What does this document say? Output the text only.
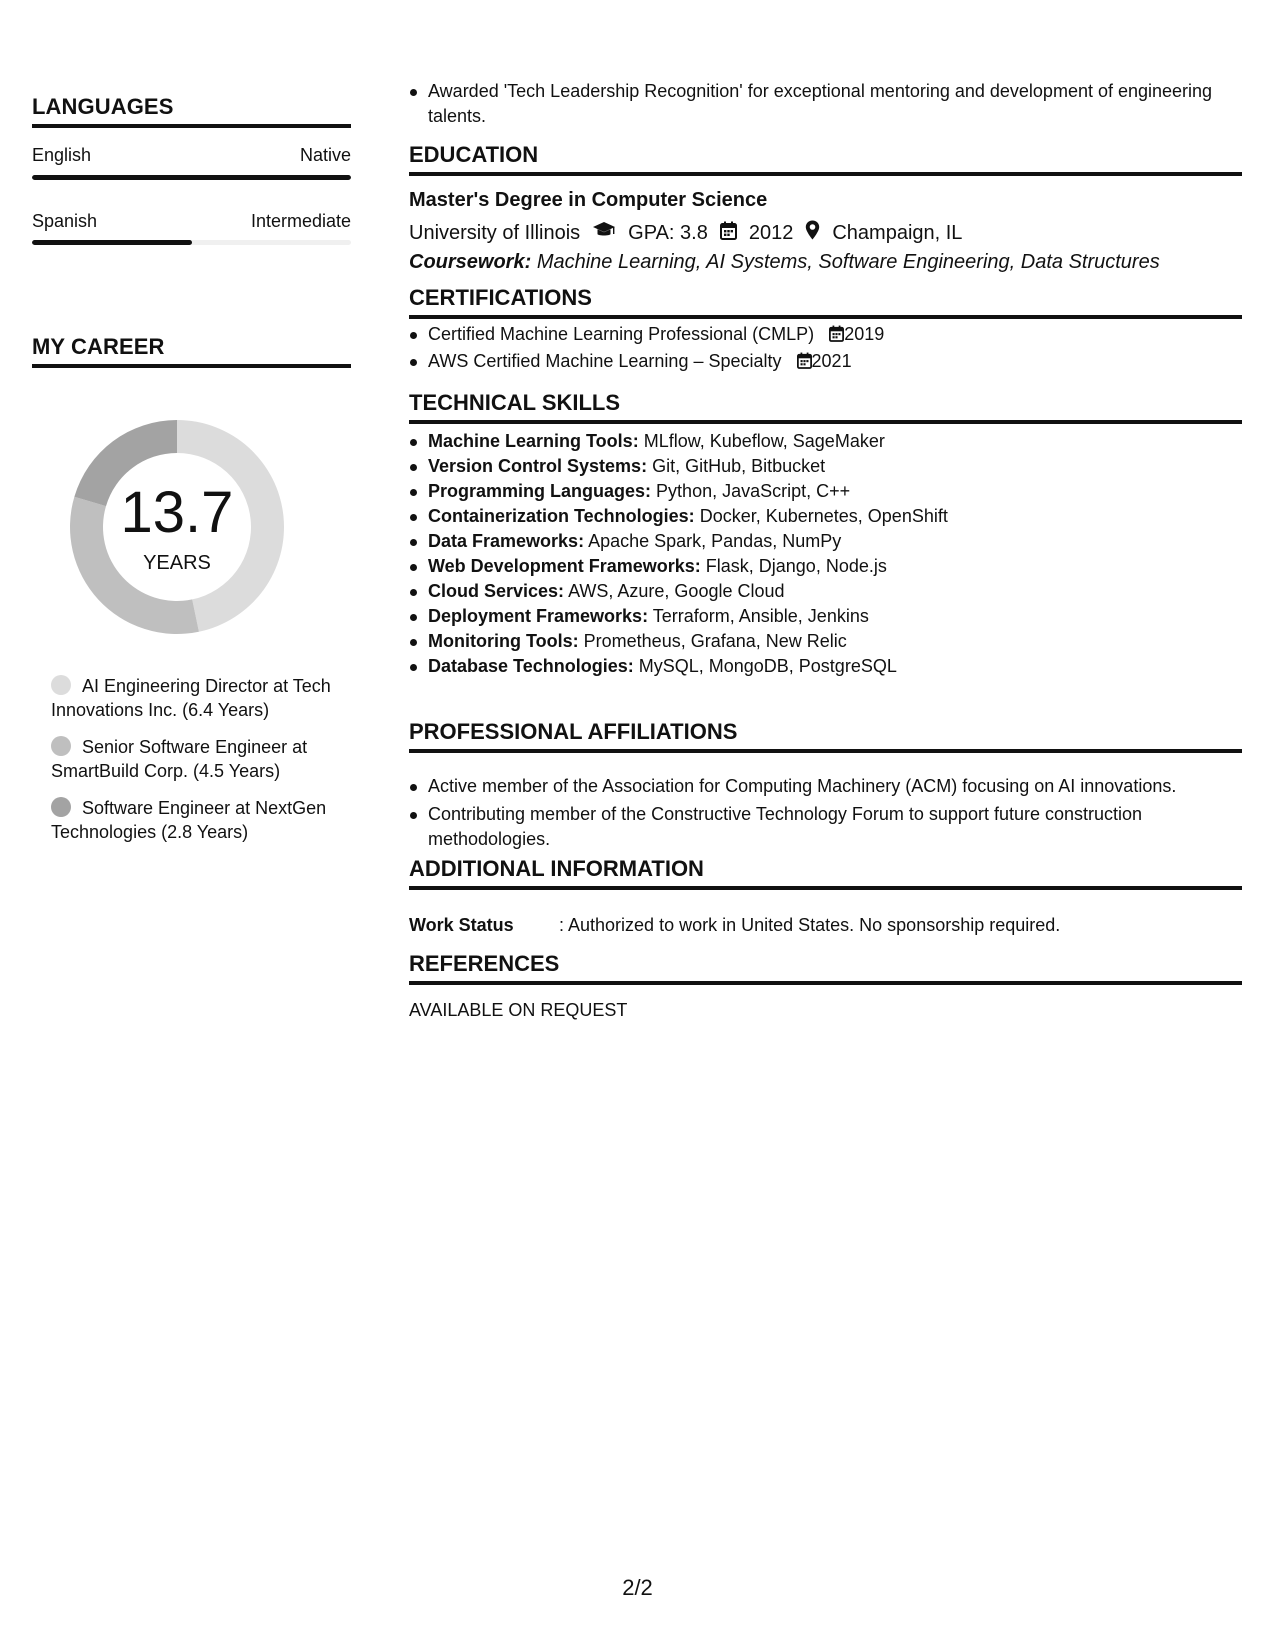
LANGUAGES
English	Native
Spanish	Intermediate
MY CAREER
13.7
YEARS
AI Engineering Director at Tech Innovations Inc. (6.4 Years)
Senior Software Engineer at SmartBuild Corp. (4.5 Years)
Software Engineer at NextGen Technologies (2.8 Years)
Awarded 'Tech Leadership Recognition' for exceptional mentoring and development of engineering talents.
EDUCATION
Master's Degree in Computer Science
University of Illinois GPA: 3.8 2012 Champaign, IL
Coursework: Machine Learning, AI Systems, Software Engineering, Data Structures
CERTIFICATIONS
Certified Machine Learning Professional (CMLP) 2019
AWS Certified Machine Learning – Specialty 2021
TECHNICAL SKILLS
Machine Learning Tools: MLflow, Kubeflow, SageMaker
Version Control Systems: Git, GitHub, Bitbucket
Programming Languages: Python, JavaScript, C++
Containerization Technologies: Docker, Kubernetes, OpenShift
Data Frameworks: Apache Spark, Pandas, NumPy
Web Development Frameworks: Flask, Django, Node.js
Cloud Services: AWS, Azure, Google Cloud
Deployment Frameworks: Terraform, Ansible, Jenkins
Monitoring Tools: Prometheus, Grafana, New Relic
Database Technologies: MySQL, MongoDB, PostgreSQL
PROFESSIONAL AFFILIATIONS
Active member of the Association for Computing Machinery (ACM) focusing on AI innovations.
Contributing member of the Constructive Technology Forum to support future construction methodologies.
ADDITIONAL INFORMATION
Work Status	: Authorized to work in United States. No sponsorship required.
REFERENCES
AVAILABLE ON REQUEST
2/2
